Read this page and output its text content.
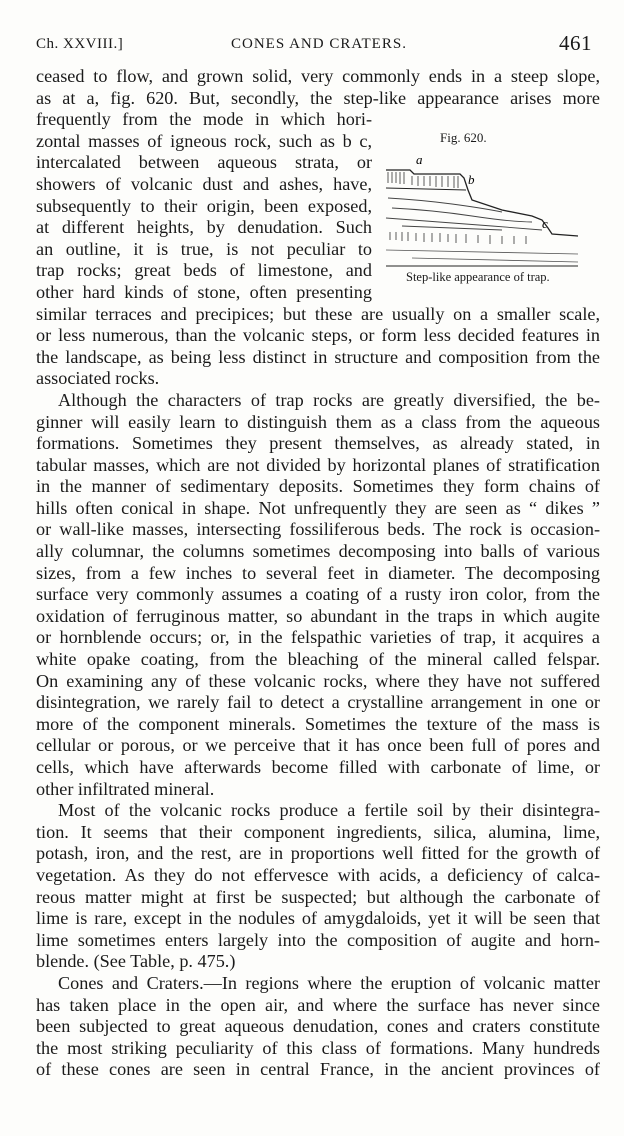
Ch. XXVIII.]	CONES AND CRATERS.	461
Fig. 620.
a
b
c
Step-like appearance of trap.
ceased to flow, and grown solid, very commonly ends in a steep slope,
as at a, fig. 620. But, secondly, the step-like appearance arises more
frequently from the mode in which hori-
zontal masses of igneous rock, such as b c,
intercalated between aqueous strata, or
showers of volcanic dust and ashes, have,
subsequently to their origin, been exposed,
at different heights, by denudation. Such
an outline, it is true, is not peculiar to
trap rocks; great beds of limestone, and
other hard kinds of stone, often presenting
similar terraces and precipices; but these are usually on a smaller scale,
or less numerous, than the volcanic steps, or form less decided features in
the landscape, as being less distinct in structure and composition from the
associated rocks.
Although the characters of trap rocks are greatly diversified, the be-
ginner will easily learn to distinguish them as a class from the aqueous
formations. Sometimes they present themselves, as already stated, in
tabular masses, which are not divided by horizontal planes of stratification
in the manner of sedimentary deposits. Sometimes they form chains of
hills often conical in shape. Not unfrequently they are seen as “ dikes ”
or wall-like masses, intersecting fossiliferous beds. The rock is occasion-
ally columnar, the columns sometimes decomposing into balls of various
sizes, from a few inches to several feet in diameter. The decomposing
surface very commonly assumes a coating of a rusty iron color, from the
oxidation of ferruginous matter, so abundant in the traps in which augite
or hornblende occurs; or, in the felspathic varieties of trap, it acquires a
white opake coating, from the bleaching of the mineral called felspar.
On examining any of these volcanic rocks, where they have not suffered
disintegration, we rarely fail to detect a crystalline arrangement in one or
more of the component minerals. Sometimes the texture of the mass is
cellular or porous, or we perceive that it has once been full of pores and
cells, which have afterwards become filled with carbonate of lime, or
other infiltrated mineral.
Most of the volcanic rocks produce a fertile soil by their disintegra-
tion. It seems that their component ingredients, silica, alumina, lime,
potash, iron, and the rest, are in proportions well fitted for the growth of
vegetation. As they do not effervesce with acids, a deficiency of calca-
reous matter might at first be suspected; but although the carbonate of
lime is rare, except in the nodules of amygdaloids, yet it will be seen that
lime sometimes enters largely into the composition of augite and horn-
blende. (See Table, p. 475.)
Cones and Craters.—In regions where the eruption of volcanic matter
has taken place in the open air, and where the surface has never since
been subjected to great aqueous denudation, cones and craters constitute
the most striking peculiarity of this class of formations. Many hundreds
of these cones are seen in central France, in the ancient provinces of
